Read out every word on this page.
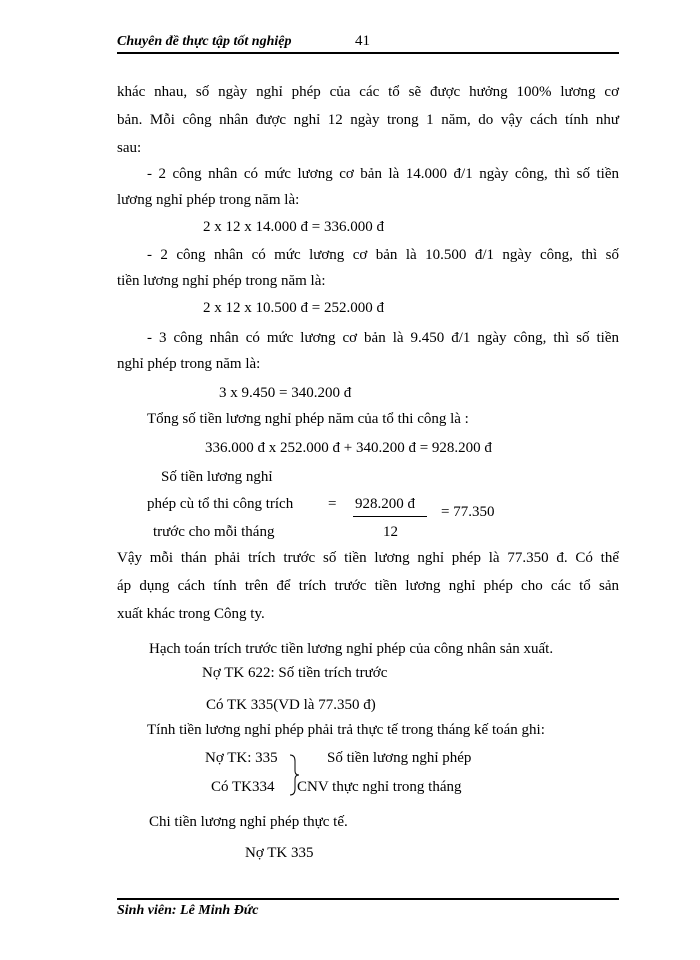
Chuyên đề thực tập tốt nghiệp	41
khác nhau, số ngày nghỉ phép của các tổ sẽ được hưởng 100% lương cơ
bản. Mỗi công nhân được nghỉ 12 ngày trong 1 năm, do vậy cách tính như
sau:
- 2 công nhân có mức lương cơ bản là 14.000 đ/1 ngày công, thì số tiền
lương nghỉ phép trong năm là:
2 x 12 x 14.000 đ = 336.000 đ
- 2 công nhân có mức lương cơ bản là 10.500 đ/1 ngày công, thì số
tiền lương nghỉ phép trong năm là:
2 x 12 x 10.500 đ = 252.000 đ
- 3 công nhân có mức lương cơ bản là 9.450 đ/1 ngày công, thì số tiền
nghỉ phép trong năm là:
3 x 9.450 = 340.200 đ
Tổng số tiền lương nghỉ phép năm của tổ thi công là :
336.000 đ x 252.000 đ + 340.200 đ = 928.200 đ
Số tiền lương nghỉ
phép cù tổ thi công trích
trước cho mỗi tháng
= 928.200 đ
12
= 77.350
Vậy mỗi thán phải trích trước số tiền lương nghỉ phép là 77.350 đ. Có thể
áp dụng cách tính trên để trích trước tiền lương nghỉ phép cho các tổ sản
xuất khác trong Công ty.
Hạch toán trích trước tiền lương nghỉ phép của công nhân sản xuất.
Nợ TK 622: Số tiền trích trước
Có TK 335(VD là 77.350 đ)
Tính tiền lương nghỉ phép phải trả thực tế trong tháng kế toán ghi:
Nợ TK: 335
Có TK334
Số tiền lương nghỉ phép
CNV thực nghỉ trong tháng
Chi tiền lương nghỉ phép thực tế.
Nợ TK 335
Sinh viên: Lê Minh Đức
